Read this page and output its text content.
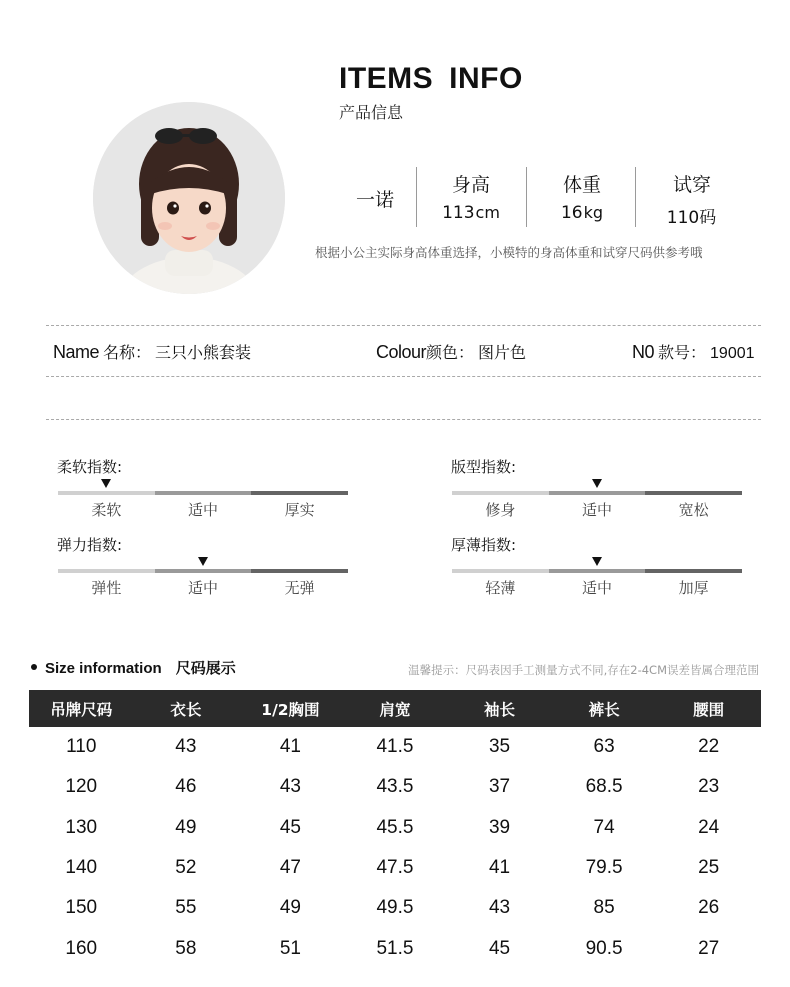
ITEMS INFO
产品信息
一诺
身高
113cm
体重
16kg
试穿
110码
根据小公主实际身高体重选择，小模特的身高体重和试穿尺码供参考哦
Name 名称： 三只小熊套装	Colour颜色： 图片色	N0 款号： 19001
柔软指数:
柔软	适中	厚实
版型指数:
修身	适中	宽松
弹力指数:
弹性	适中	无弹
厚薄指数:
轻薄	适中	加厚
Size information 尺码展示	温馨提示：尺码表因手工测量方式不同,存在2-4CM误差皆属合理范围
吊牌尺码	衣长	1/2胸围	肩宽	袖长	裤长	腰围
110	43	41	41.5	35	63	22
120	46	43	43.5	37	68.5	23
130	49	45	45.5	39	74	24
140	52	47	47.5	41	79.5	25
150	55	49	49.5	43	85	26
160	58	51	51.5	45	90.5	27
